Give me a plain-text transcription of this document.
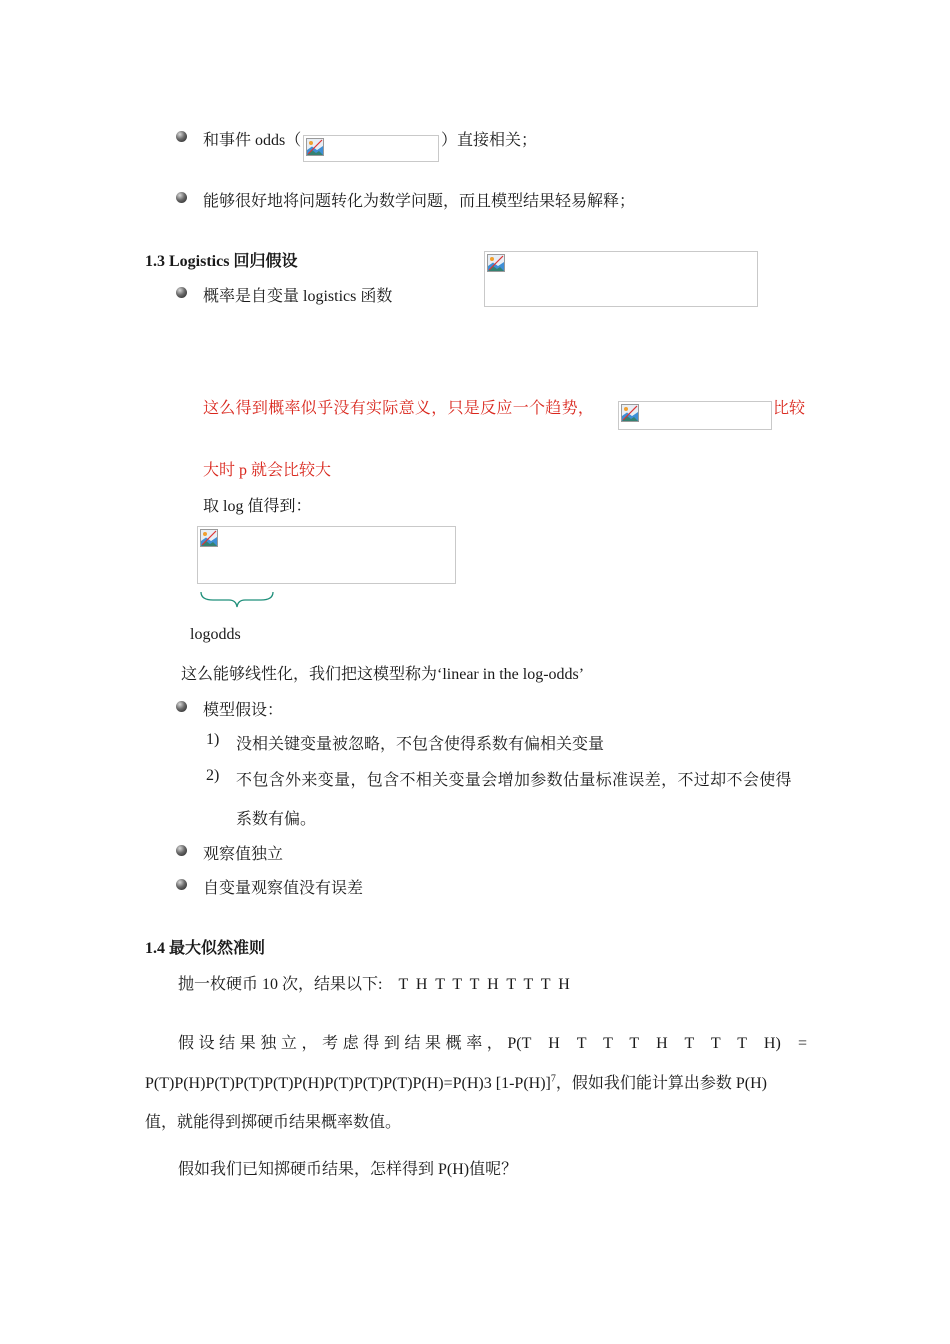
和事件 odds（	）直接相关；
能够很好地将问题转化为数学问题，而且模型结果轻易解释；
1.3 Logistics 回归假设
概率是自变量 logistics 函数
这么得到概率似乎没有实际意义，只是反应一个趋势，	比较
大时 p 就会比较大
取 log 值得到：
logodds
这么能够线性化，我们把这模型称为‘linear in the log-odds’
模型假设：
1) 没相关键变量被忽略，不包含使得系数有偏相关变量
2) 不包含外来变量，包含不相关变量会增加参数估量标准误差，不过却不会使得
系数有偏。
观察值独立
自变量观察值没有误差
1.4 最大似然准则
抛一枚硬币 10 次，结果以下:    T  H  T  T  T  H  T  T  T  H
假设结果独立，考虑得到结果概率，P(T  H  T  T  T  H  T  T  T  H)  =
P(T)P(H)P(T)P(T)P(T)P(H)P(T)P(T)P(T)P(H)=P(H)3 $[1-P(H)]^7$，假如我们能计算出参数 P(H)
值，就能得到掷硬币结果概率数值。
假如我们已知掷硬币结果，怎样得到 P(H)值呢？
